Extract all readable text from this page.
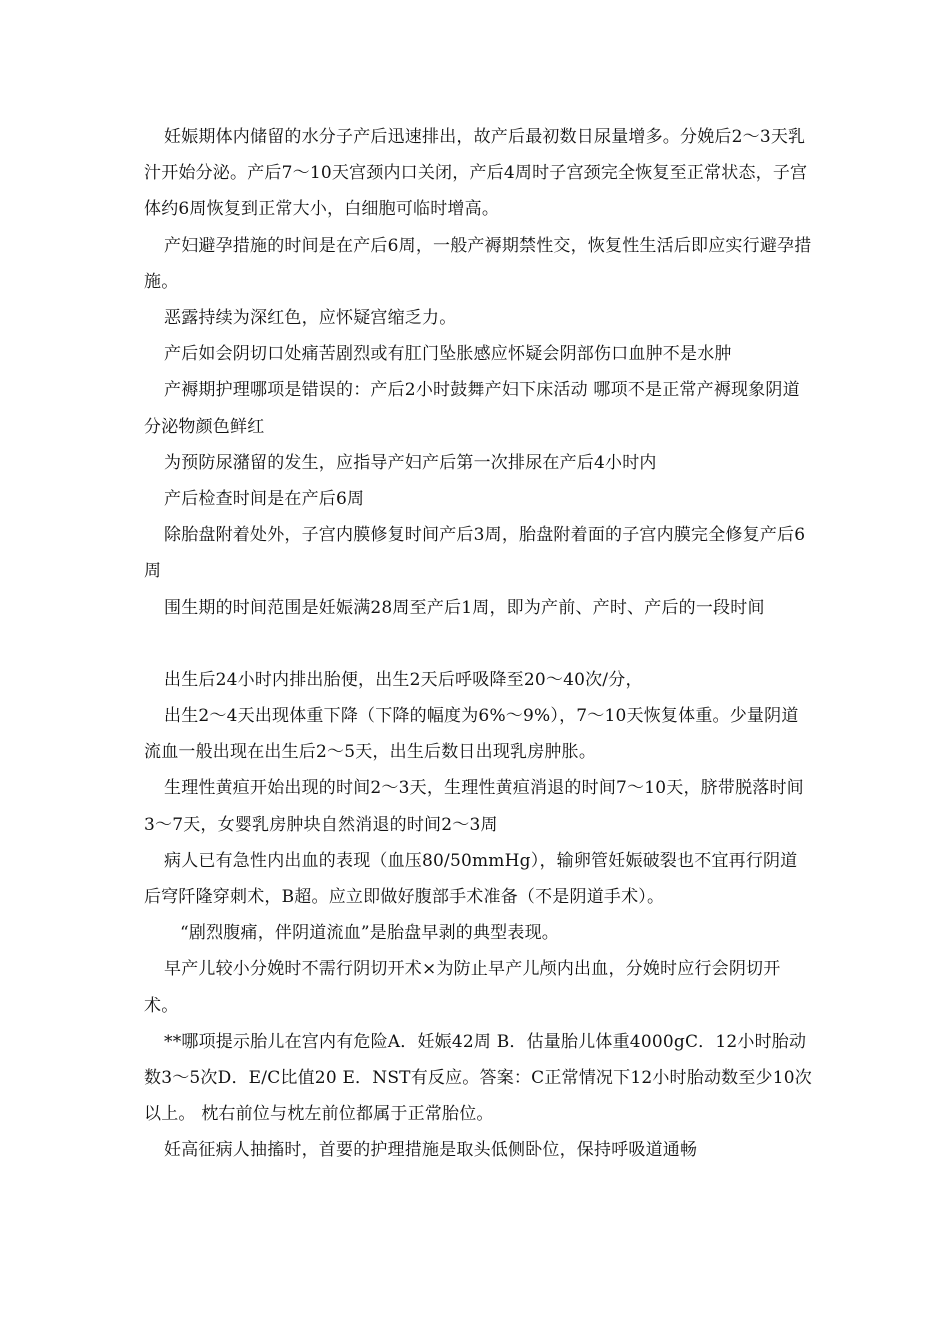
妊娠期体内储留的水分子产后迅速排出，故产后最初数日尿量增多。分娩后2～3天乳汁开始分泌。产后7～10天宫颈内口关闭，产后4周时子宫颈完全恢复至正常状态，子宫体约6周恢复到正常大小，白细胞可临时增高。

产妇避孕措施的时间是在产后6周，一般产褥期禁性交，恢复性生活后即应实行避孕措施。

恶露持续为深红色，应怀疑宫缩乏力。

产后如会阴切口处痛苦剧烈或有肛门坠胀感应怀疑会阴部伤口血肿不是水肿

产褥期护理哪项是错误的：产后2小时鼓舞产妇下床活动 哪项不是正常产褥现象阴道分泌物颜色鲜红

为预防尿潴留的发生，应指导产妇产后第一次排尿在产后4小时内

产后检查时间是在产后6周

除胎盘附着处外，子宫内膜修复时间产后3周，胎盘附着面的子宫内膜完全修复产后6周

围生期的时间范围是妊娠满28周至产后1周，即为产前、产时、产后的一段时间

出生后24小时内排出胎便，出生2天后呼吸降至20～40次/分，

出生2～4天出现体重下降（下降的幅度为6%～9%），7～10天恢复体重。少量阴道流血一般出现在出生后2～5天，出生后数日出现乳房肿胀。

生理性黄疸开始出现的时间2～3天，生理性黄疸消退的时间7～10天，脐带脱落时间3～7天，女婴乳房肿块自然消退的时间2～3周

病人已有急性内出血的表现（血压80/50mmHg），输卵管妊娠破裂也不宜再行阴道后穹阡隆穿刺术，B超。应立即做好腹部手术准备（不是阴道手术）。

“剧烈腹痛，伴阴道流血”是胎盘早剥的典型表现。

早产儿较小分娩时不需行阴切开术×为防止早产儿颅内出血，分娩时应行会阴切开术。

**哪项提示胎儿在宫内有危险A．妊娠42周 B．估量胎儿体重4000gC．12小时胎动数3～5次D．E/C比值20 E．NST有反应。答案：C正常情况下12小时胎动数至少10次以上。 枕右前位与枕左前位都属于正常胎位。

妊高征病人抽搐时，首要的护理措施是取头低侧卧位，保持呼吸道通畅
